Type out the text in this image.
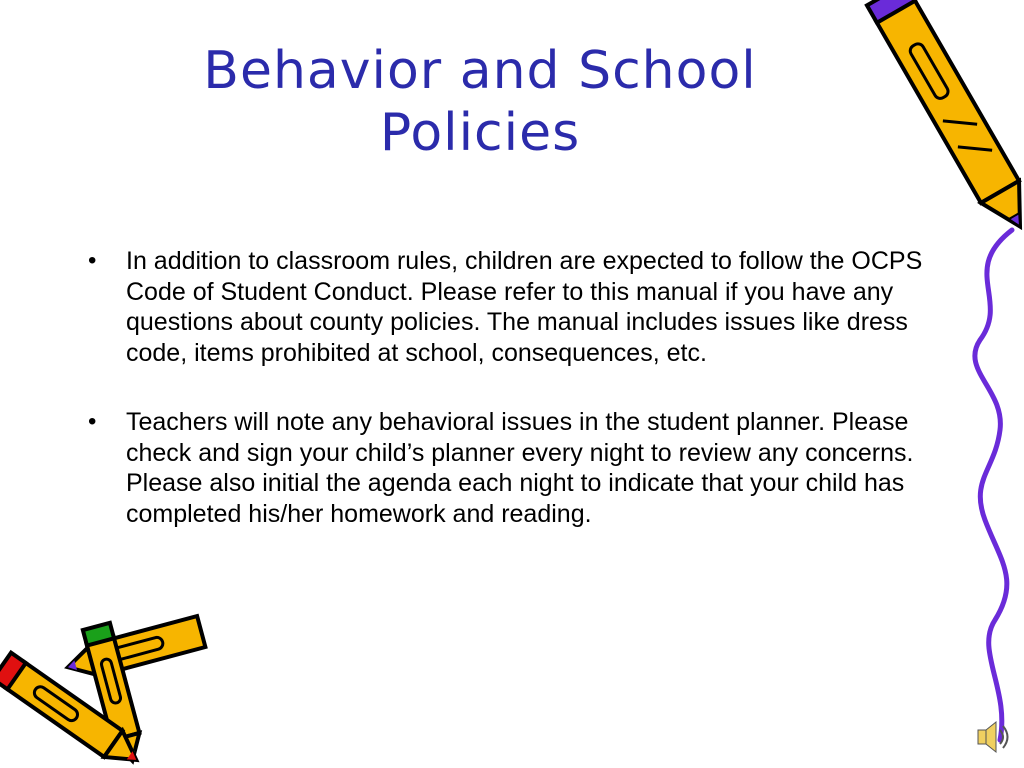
Behavior and School
Policies
• In addition to classroom rules, children are expected to follow the OCPS Code of Student Conduct. Please refer to this manual if you have any questions about county policies. The manual includes issues like dress code, items prohibited at school, consequences, etc.
• Teachers will note any behavioral issues in the student planner. Please check and sign your child’s planner every night to review any concerns. Please also initial the agenda each night to indicate that your child has completed his/her homework and reading.
